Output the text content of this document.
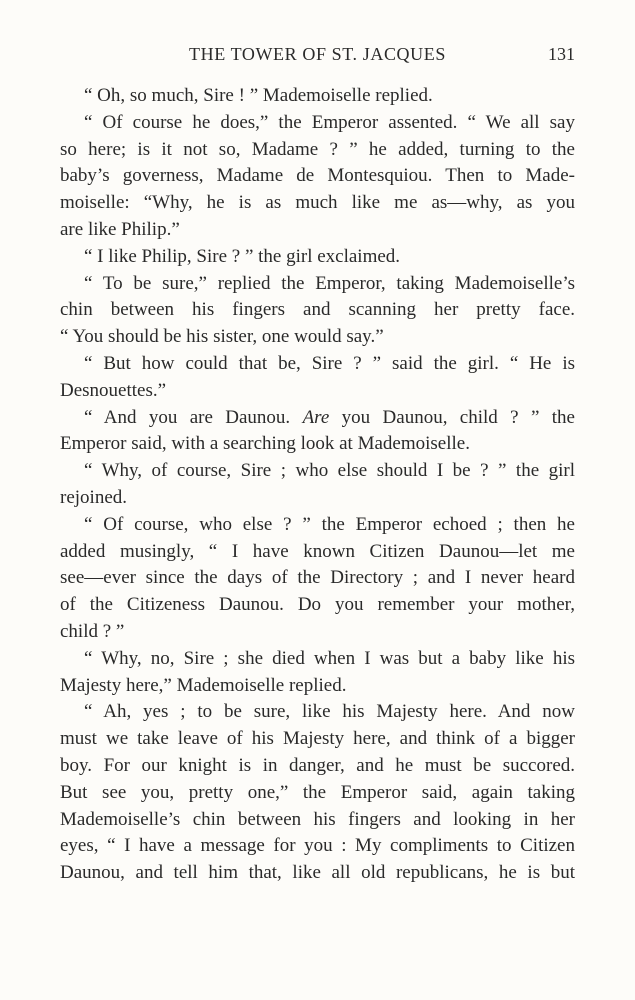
THE TOWER OF ST. JACQUES	131
“ Oh, so much, Sire ! ” Mademoiselle replied.
“ Of course he does,” the Emperor assented. “ We all say
so here; is it not so, Madame ? ” he added, turning to the
baby’s governess, Madame de Montesquiou. Then to Made-
moiselle: “Why, he is as much like me as—why, as you
are like Philip.”
“ I like Philip, Sire ? ” the girl exclaimed.
“ To be sure,” replied the Emperor, taking Mademoiselle’s
chin between his fingers and scanning her pretty face.
“ You should be his sister, one would say.”
“ But how could that be, Sire ? ” said the girl. “ He is
Desnouettes.”
“ And you are Daunou. Are you Daunou, child ? ” the
Emperor said, with a searching look at Mademoiselle.
“ Why, of course, Sire ; who else should I be ? ” the girl
rejoined.
“ Of course, who else ? ” the Emperor echoed ; then he
added musingly, “ I have known Citizen Daunou—let me
see—ever since the days of the Directory ; and I never heard
of the Citizeness Daunou. Do you remember your mother,
child ? ”
“ Why, no, Sire ; she died when I was but a baby like his
Majesty here,” Mademoiselle replied.
“ Ah, yes ; to be sure, like his Majesty here. And now
must we take leave of his Majesty here, and think of a bigger
boy. For our knight is in danger, and he must be succored.
But see you, pretty one,” the Emperor said, again taking
Mademoiselle’s chin between his fingers and looking in her
eyes, “ I have a message for you : My compliments to Citizen
Daunou, and tell him that, like all old republicans, he is but
